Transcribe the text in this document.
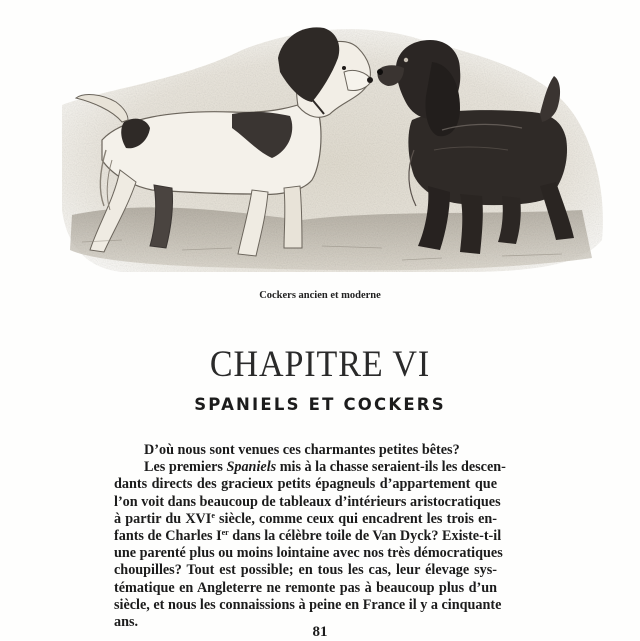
Cockers ancien et moderne
CHAPITRE VI
SPANIELS ET COCKERS
D’où nous sont venues ces charmantes petites bêtes?
Les premiers Spaniels mis à la chasse seraient-ils les descen-
dants directs des gracieux petits épagneuls d’appartement que
l’on voit dans beaucoup de tableaux d’intérieurs aristocratiques
à partir du XVIe siècle, comme ceux qui encadrent les trois en-
fants de Charles Ier dans la célèbre toile de Van Dyck? Existe-t-il
une parenté plus ou moins lointaine avec nos très démocratiques
choupilles? Tout est possible; en tous les cas, leur élevage sys-
tématique en Angleterre ne remonte pas à beaucoup plus d’un
siècle, et nous les connaissions à peine en France il y a cinquante
ans.
81
